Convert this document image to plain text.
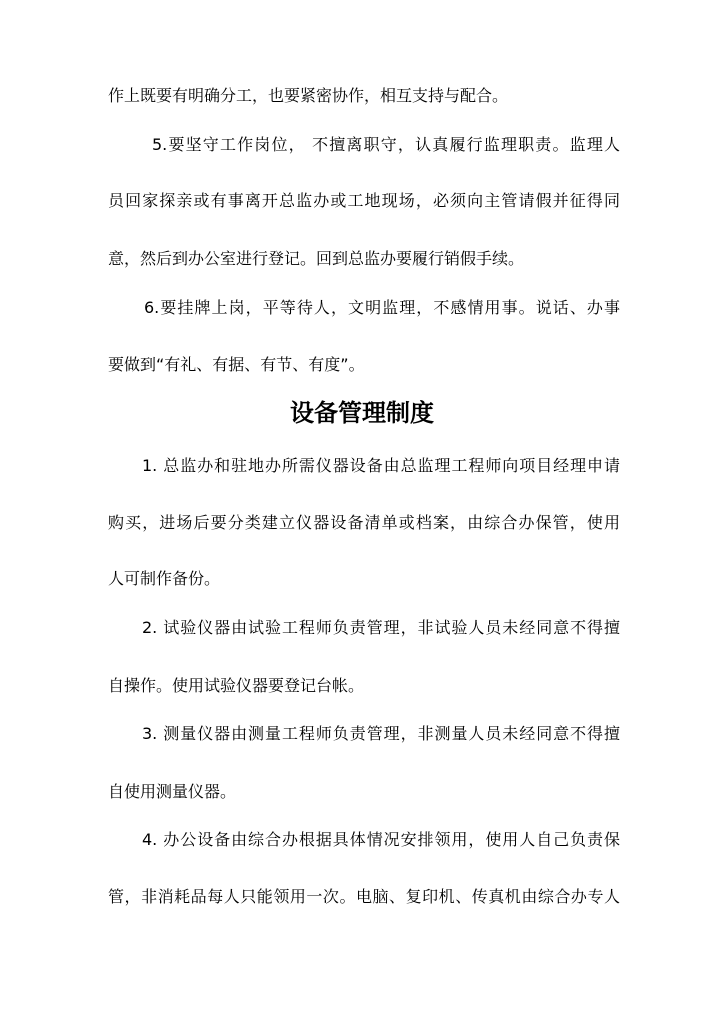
作上既要有明确分工，也要紧密协作，相互支持与配合。
5.要坚守工作岗位， 不擅离职守，认真履行监理职责。监理人
员回家探亲或有事离开总监办或工地现场，必须向主管请假并征得同
意，然后到办公室进行登记。回到总监办要履行销假手续。
6.要挂牌上岗，平等待人，文明监理，不感情用事。说话、办事
要做到“有礼、有据、有节、有度”。
设备管理制度
1. 总监办和驻地办所需仪器设备由总监理工程师向项目经理申请
购买，进场后要分类建立仪器设备清单或档案，由综合办保管，使用
人可制作备份。
2. 试验仪器由试验工程师负责管理，非试验人员未经同意不得擅
自操作。使用试验仪器要登记台帐。
3. 测量仪器由测量工程师负责管理，非测量人员未经同意不得擅
自使用测量仪器。
4. 办公设备由综合办根据具体情况安排领用，使用人自己负责保
管，非消耗品每人只能领用一次。电脑、复印机、传真机由综合办专人
